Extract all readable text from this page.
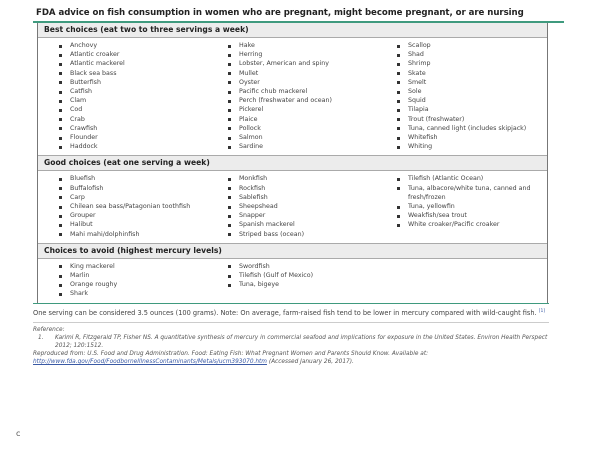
FDA advice on fish consumption in women who are pregnant, might become pregnant, or are nursing
Best choices (eat two to three servings a week)
Anchovy
Atlantic croaker
Atlantic mackerel
Black sea bass
Butterfish
Catfish
Clam
Cod
Crab
Crawfish
Flounder
Haddock
Hake
Herring
Lobster, American and spiny
Mullet
Oyster
Pacific chub mackerel
Perch (freshwater and ocean)
Pickerel
Plaice
Pollock
Salmon
Sardine
Scallop
Shad
Shrimp
Skate
Smelt
Sole
Squid
Tilapia
Trout (freshwater)
Tuna, canned light (includes skipjack)
Whitefish
Whiting
Good choices (eat one serving a week)
Bluefish
Buffalofish
Carp
Chilean sea bass/Patagonian toothfish
Grouper
Halibut
Mahi mahi/dolphinfish
Monkfish
Rockfish
Sablefish
Sheepshead
Snapper
Spanish mackerel
Striped bass (ocean)
Tilefish (Atlantic Ocean)
Tuna, albacore/white tuna, canned and fresh/frozen
Tuna, yellowfin
Weakfish/sea trout
White croaker/Pacific croaker
Choices to avoid (highest mercury levels)
King mackerel
Marlin
Orange roughy
Shark
Swordfish
Tilefish (Gulf of Mexico)
Tuna, bigeye
One serving can be considered 3.5 ounces (100 grams). Note: On average, farm-raised fish tend to be lower in mercury compared with wild-caught fish. [1]
Reference:
1.	Karimi R, Fitzgerald TP, Fisher NS. A quantitative synthesis of mercury in commercial seafood and implications for exposure in the United States. Environ Health Perspect 2012; 120:1512.
Reproduced from: U.S. Food and Drug Administration. Food: Eating Fish: What Pregnant Women and Parents Should Know. Available at: http://www.fda.gov/Food/FoodborneIllnessContaminants/Metals/ucm393070.htm (Accessed January 26, 2017).
c
